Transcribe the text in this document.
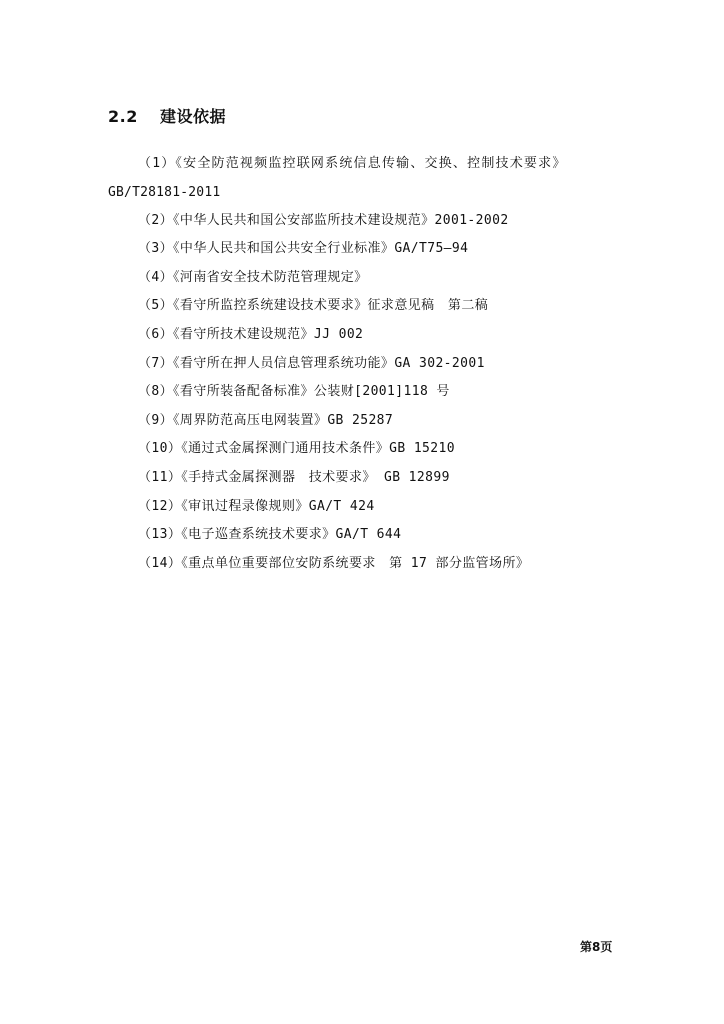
2.2 建设依据
（1）《安全防范视频监控联网系统信息传输、交换、控制技术要求》
GB/T28181-2011
（2）《中华人民共和国公安部监所技术建设规范》2001-2002
（3）《中华人民共和国公共安全行业标准》GA/T75—94
（4）《河南省安全技术防范管理规定》
（5）《看守所监控系统建设技术要求》征求意见稿　第二稿
（6）《看守所技术建设规范》JJ 002
（7）《看守所在押人员信息管理系统功能》GA 302-2001
（8）《看守所装备配备标准》公装财[2001]118 号
（9）《周界防范高压电网装置》GB 25287
（10）《通过式金属探测门通用技术条件》GB 15210
（11）《手持式金属探测器　技术要求》 GB 12899
（12）《审讯过程录像规则》GA/T 424
（13）《电子巡查系统技术要求》GA/T 644
（14）《重点单位重要部位安防系统要求　第 17 部分监管场所》
第8页
